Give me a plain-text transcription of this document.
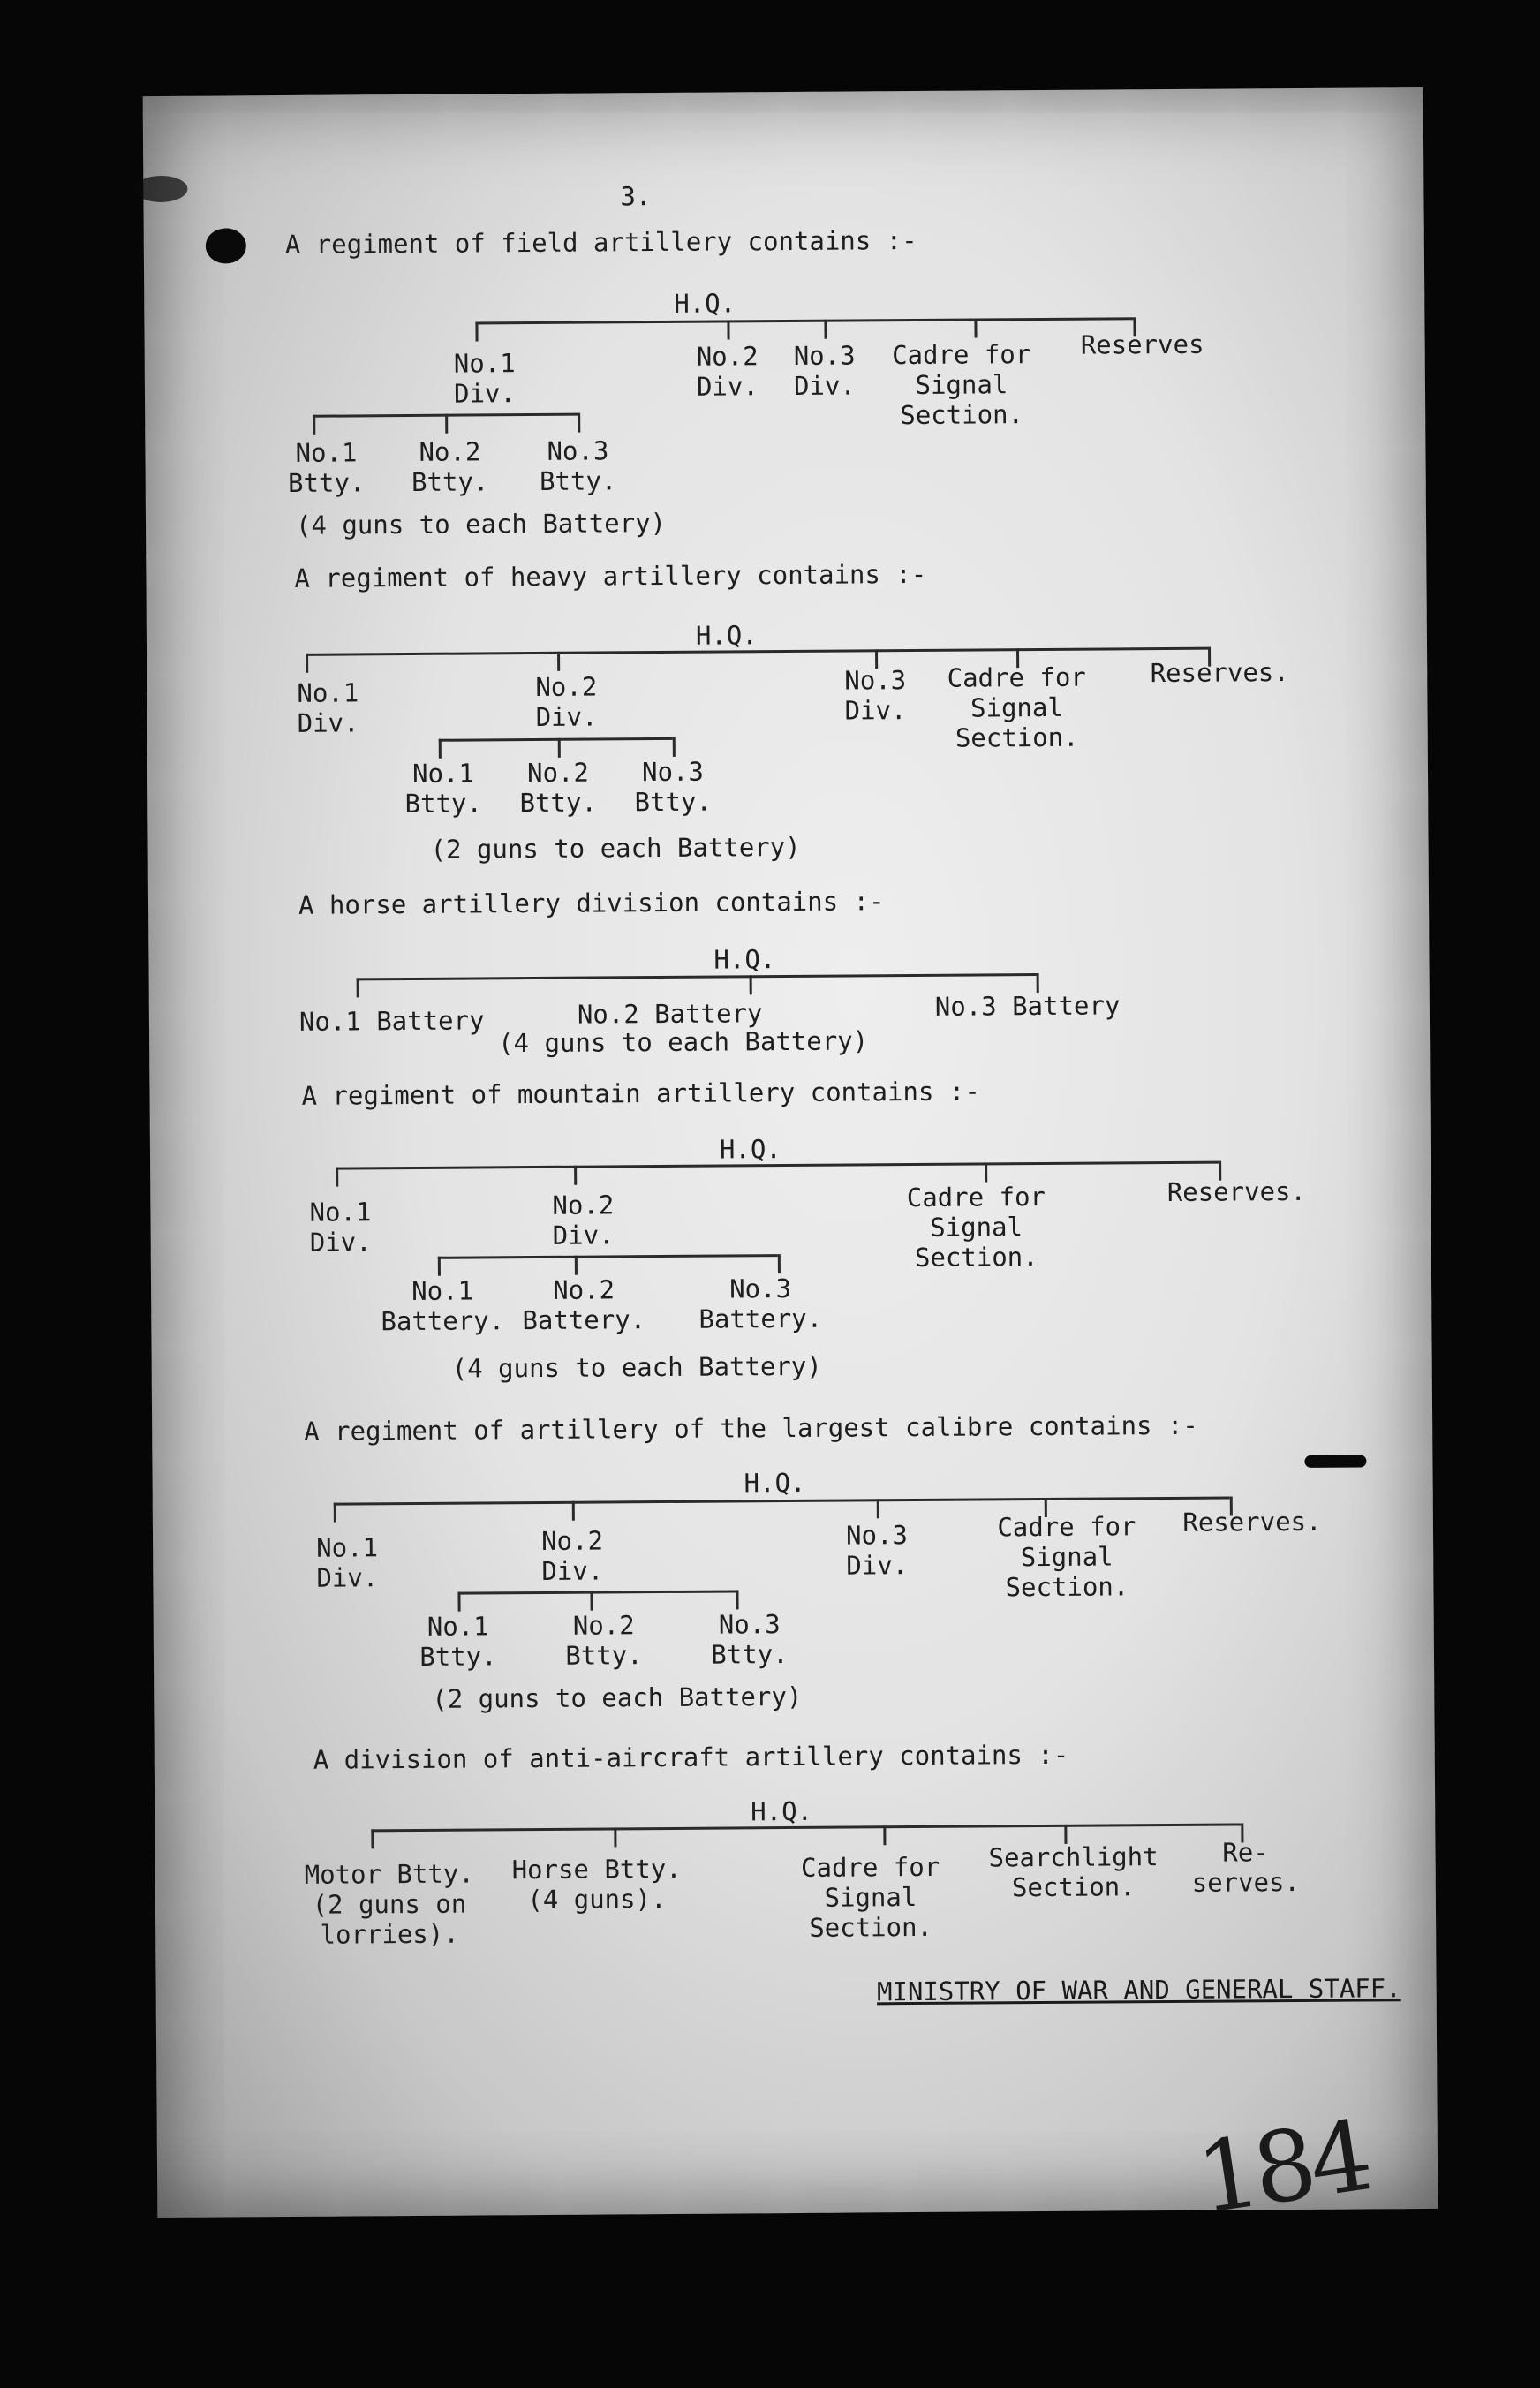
3.
A regiment of field artillery contains :-
H.Q.
No.1
Div.
No.2
Div.
No.3
Div.
Cadre for
Signal
Section.
Reserves
No.1
Btty.
No.2
Btty.
No.3
Btty.
(4 guns to each Battery)
A regiment of heavy artillery contains :-
H.Q.
No.1
Div.
No.2
Div.
No.3
Div.
Cadre for
Signal
Section.
Reserves.
No.1
Btty.
No.2
Btty.
No.3
Btty.
(2 guns to each Battery)
A horse artillery division contains :-
H.Q.
No.1 Battery	No.2 Battery	No.3 Battery
(4 guns to each Battery)
A regiment of mountain artillery contains :-
H.Q.
No.1
Div.
No.2
Div.
Cadre for
Signal
Section.
Reserves.
No.1
Battery.
No.2
Battery.
No.3
Battery.
(4 guns to each Battery)
A regiment of artillery of the largest calibre contains :-
H.Q.
No.1
Div.
No.2
Div.
No.3
Div.
Cadre for
Signal
Section.
Reserves.
No.1
Btty.
No.2
Btty.
No.3
Btty.
(2 guns to each Battery)
A division of anti-aircraft artillery contains :-
H.Q.
Motor Btty.
(2 guns on
lorries).
Horse Btty.
(4 guns).
Cadre for
Signal
Section.
Searchlight
Section.
Re-
serves.
MINISTRY OF WAR AND GENERAL STAFF.
184
